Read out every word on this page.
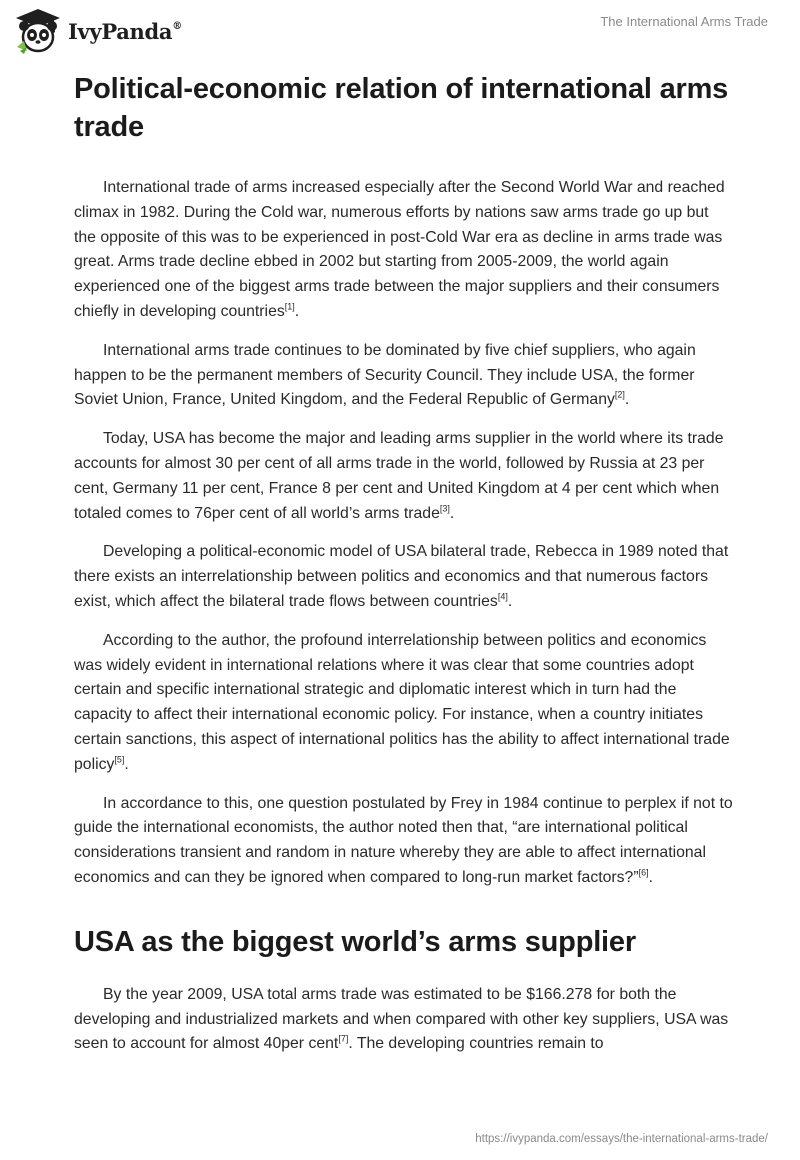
IvyPanda®	The International Arms Trade
Political-economic relation of international arms trade

International trade of arms increased especially after the Second World War and reached climax in 1982. During the Cold war, numerous efforts by nations saw arms trade go up but the opposite of this was to be experienced in post-Cold War era as decline in arms trade was great. Arms trade decline ebbed in 2002 but starting from 2005-2009, the world again experienced one of the biggest arms trade between the major suppliers and their consumers chiefly in developing countries[1].

International arms trade continues to be dominated by five chief suppliers, who again happen to be the permanent members of Security Council. They include USA, the former Soviet Union, France, United Kingdom, and the Federal Republic of Germany[2].

Today, USA has become the major and leading arms supplier in the world where its trade accounts for almost 30 per cent of all arms trade in the world, followed by Russia at 23 per cent, Germany 11 per cent, France 8 per cent and United Kingdom at 4 per cent which when totaled comes to 76per cent of all world’s arms trade[3].

Developing a political-economic model of USA bilateral trade, Rebecca in 1989 noted that there exists an interrelationship between politics and economics and that numerous factors exist, which affect the bilateral trade flows between countries[4].

According to the author, the profound interrelationship between politics and economics was widely evident in international relations where it was clear that some countries adopt certain and specific international strategic and diplomatic interest which in turn had the capacity to affect their international economic policy. For instance, when a country initiates certain sanctions, this aspect of international politics has the ability to affect international trade policy[5].

In accordance to this, one question postulated by Frey in 1984 continue to perplex if not to guide the international economists, the author noted then that, “are international political considerations transient and random in nature whereby they are able to affect international economics and can they be ignored when compared to long-run market factors?”[6].

USA as the biggest world’s arms supplier

By the year 2009, USA total arms trade was estimated to be $166.278 for both the developing and industrialized markets and when compared with other key suppliers, USA was seen to account for almost 40per cent[7]. The developing countries remain to

https://ivypanda.com/essays/the-international-arms-trade/
